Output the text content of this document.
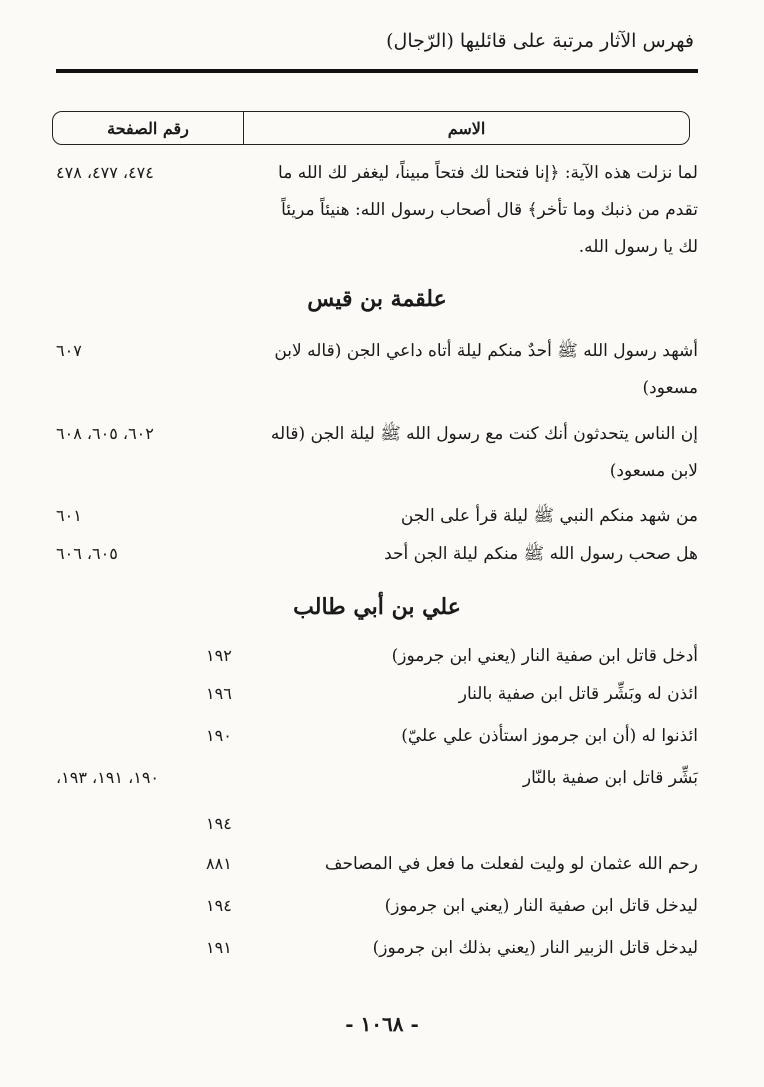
فهرس الآثار مرتبة على قائليها (الرّجال)
الاسم
رقم الصفحة
لما نزلت هذه الآية: ﴿إنا فتحنا لك فتحاً مبيناً، ليغفر لك الله ما
٤٧٤، ٤٧٧، ٤٧٨
تقدم من ذنبك وما تأخر﴾ قال أصحاب رسول الله: هنيئاً مريئاً
لك يا رسول الله.
علقمة بن قيس
أشهد رسول الله ﷺ أحدٌ منكم ليلة أتاه داعي الجن (قاله لابن
٦٠٧
مسعود)
إن الناس يتحدثون أنك كنت مع رسول الله ﷺ ليلة الجن (قاله
٦٠٢، ٦٠٥، ٦٠٨
لابن مسعود)
من شهد منكم النبي ﷺ ليلة قرأ على الجن
٦٠١
هل صحب رسول الله ﷺ منكم ليلة الجن أحد
٦٠٥، ٦٠٦
علي بن أبي طالب
أدخل قاتل ابن صفية النار (يعني ابن جرموز)
١٩٢
ائذن له وبَشِّر قاتل ابن صفية بالنار
١٩٦
ائذنوا له (أن ابن جرموز استأذن علي عليّ)
١٩٠
بَشِّر قاتل ابن صفية بالنّار
١٩٠، ١٩١، ١٩٣،
١٩٤
رحم الله عثمان لو وليت لفعلت ما فعل في المصاحف
٨٨١
ليدخل قاتل ابن صفية النار (يعني ابن جرموز)
١٩٤
ليدخل قاتل الزبير النار (يعني بذلك ابن جرموز)
١٩١
- ١٠٦٨ -
